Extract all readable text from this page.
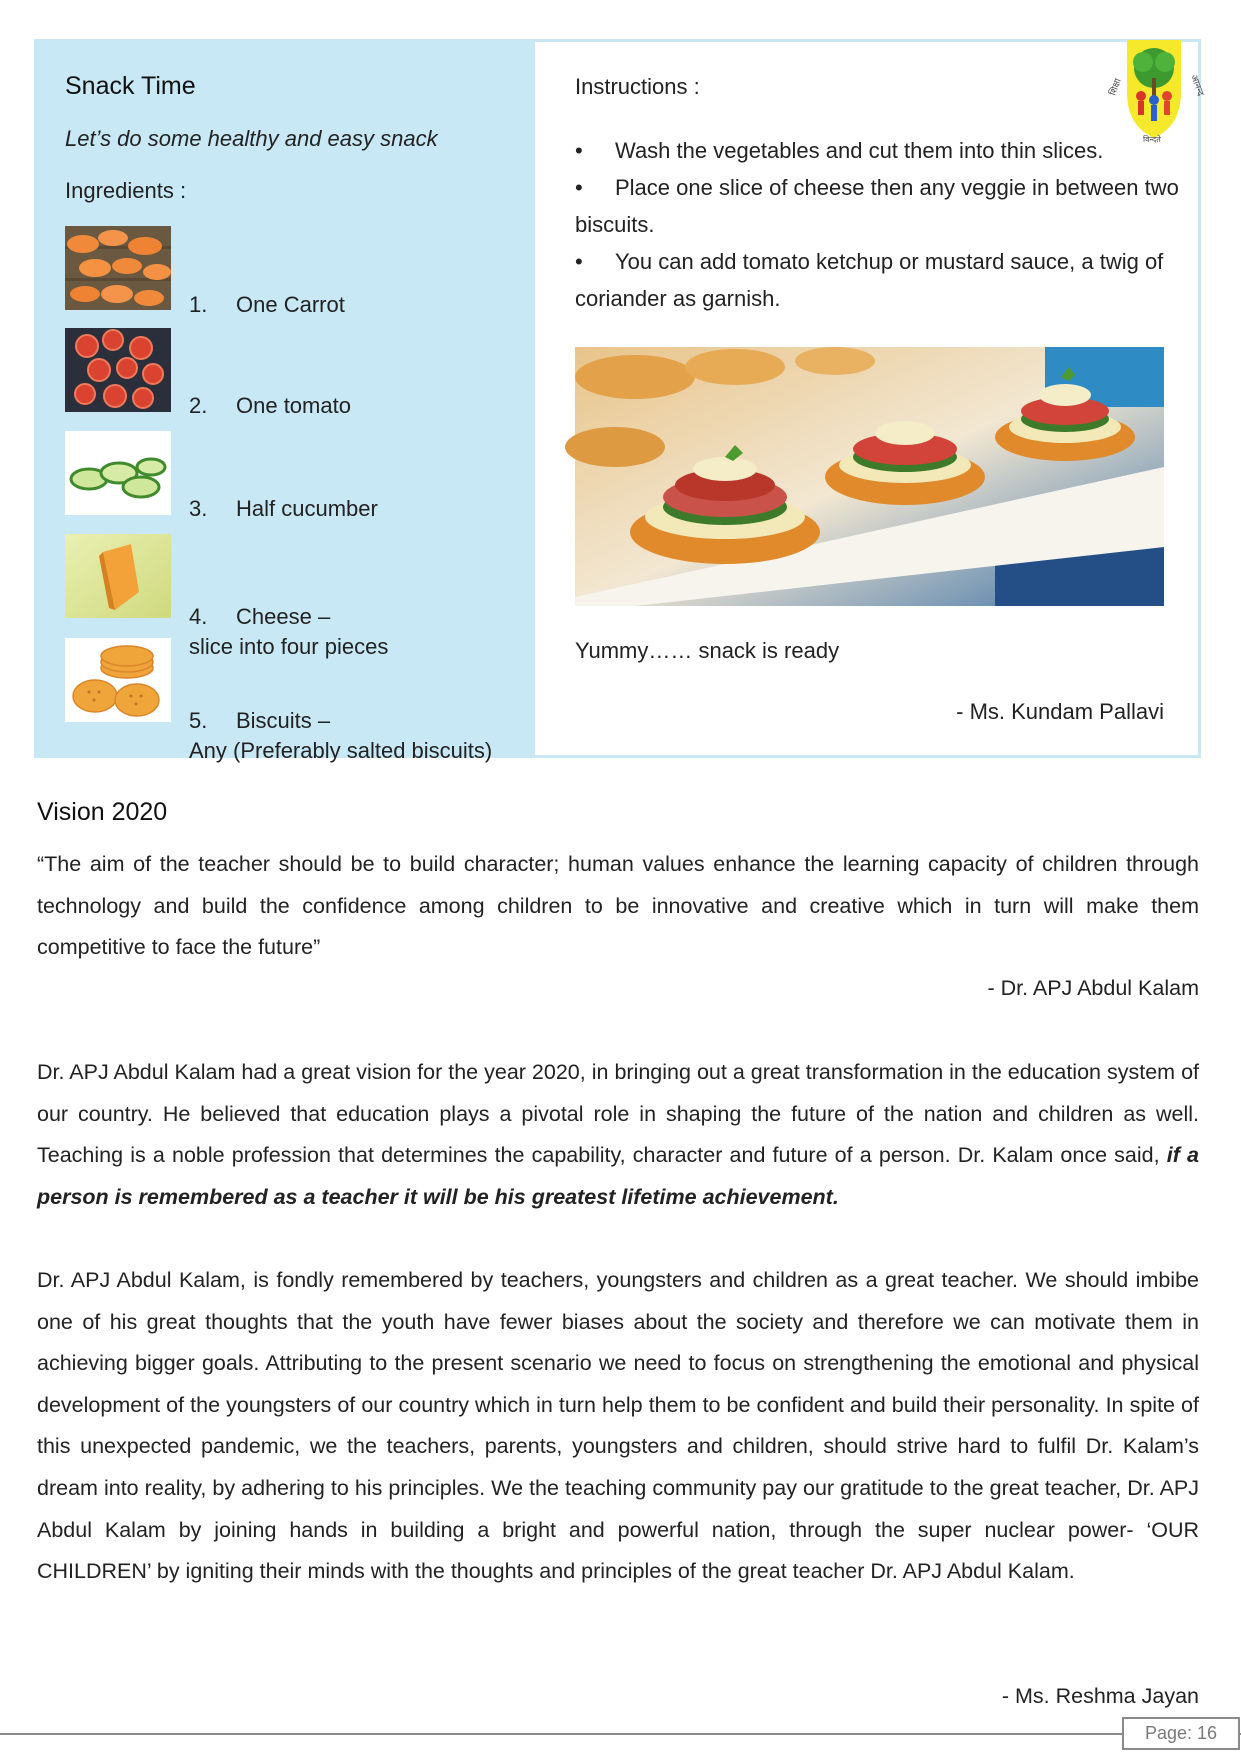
Snack Time
Let’s do some healthy and easy snack
Ingredients :
1. One Carrot
2. One tomato
3. Half cucumber
4. Cheese –
slice into four pieces
5. Biscuits –
Any (Preferably salted biscuits)
Instructions :
• Wash the vegetables and cut them into thin slices.
• Place one slice of cheese then any veggie in between two biscuits.
• You can add tomato ketchup or mustard sauce, a twig of coriander as garnish.
Yummy…… snack is ready
- Ms. Kundam Pallavi
शिक्षा	आनन्द
विन्दते
Vision 2020
“The aim of the teacher should be to build character; human values enhance the learning capacity of children through technology and build the confidence among children to be innovative and creative which in turn will make them competitive to face the future”
- Dr. APJ Abdul Kalam
Dr. APJ Abdul Kalam had a great vision for the year 2020, in bringing out a great transformation in the education system of our country. He believed that education plays a pivotal role in shaping the future of the nation and children as well. Teaching is a noble profession that determines the capability, character and future of a person. Dr. Kalam once said, if a person is remembered as a teacher it will be his greatest lifetime achievement.
Dr. APJ Abdul Kalam, is fondly remembered by teachers, youngsters and children as a great teacher. We should imbibe one of his great thoughts that the youth have fewer biases about the society and therefore we can motivate them in achieving bigger goals. Attributing to the present scenario we need to focus on strengthening the emotional and physical development of the youngsters of our country which in turn help them to be confident and build their personality. In spite of this unexpected pandemic, we the teachers, parents, youngsters and children, should strive hard to fulfil Dr. Kalam’s dream into reality, by adhering to his principles. We the teaching community pay our gratitude to the great teacher, Dr. APJ Abdul Kalam by joining hands in building a bright and powerful nation, through the super nuclear power- ‘OUR CHILDREN’ by igniting their minds with the thoughts and principles of the great teacher Dr. APJ Abdul Kalam.
- Ms. Reshma Jayan
Page: 16
